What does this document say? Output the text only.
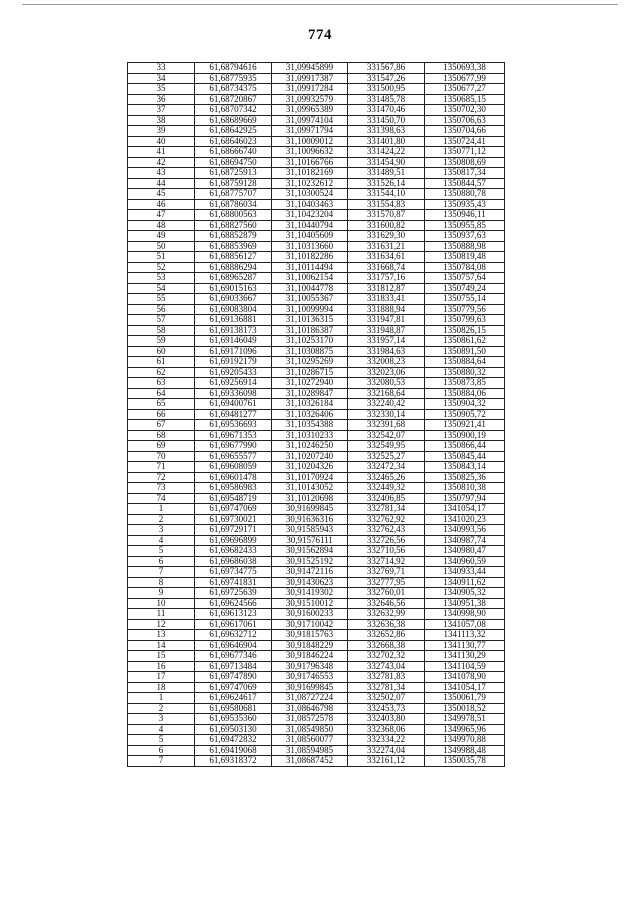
774
33	61,68794616	31,09945899	331567,86	1350693,38
34	61,68775935	31,09917387	331547,26	1350677,99
35	61,68734375	31,09917284	331500,95	1350677,27
36	61,68720867	31,09932579	331485,78	1350685,15
37	61,68707342	31,09965389	331470,46	1350702,30
38	61,68689669	31,09974104	331450,70	1350706,63
39	61,68642925	31,09971794	331398,63	1350704,66
40	61,68646023	31,10009012	331401,80	1350724,41
41	61,68666740	31,10096632	331424,22	1350771,12
42	61,68694750	31,10166766	331454,90	1350808,69
43	61,68725913	31,10182169	331489,51	1350817,34
44	61,68759128	31,10232612	331526,14	1350844,57
45	61,68775707	31,10300524	331544,10	1350880,78
46	61,68786034	31,10403463	331554,83	1350935,43
47	61,68800563	31,10423204	331570,87	1350946,11
48	61,68827560	31,10440794	331600,82	1350955,85
49	61,68852879	31,10405609	331629,30	1350937,63
50	61,68853969	31,10313660	331631,21	1350888,98
51	61,68856127	31,10182286	331634,61	1350819,48
52	61,68886294	31,10114494	331668,74	1350784,08
53	61,68965287	31,10062154	331757,16	1350757,64
54	61,69015163	31,10044778	331812,87	1350749,24
55	61,69033667	31,10055367	331833,41	1350755,14
56	61,69083804	31,10099994	331888,94	1350779,56
57	61,69136881	31,10136315	331947,81	1350799,63
58	61,69138173	31,10186387	331948,87	1350826,15
59	61,69146049	31,10253170	331957,14	1350861,62
60	61,69171096	31,10308875	331984,63	1350891,50
61	61,69192179	31,10295269	332008,23	1350884,64
62	61,69205433	31,10286715	332023,06	1350880,32
63	61,69256914	31,10272940	332080,53	1350873,85
64	61,69336098	31,10289847	332168,64	1350884,06
65	61,69400761	31,10326184	332240,42	1350904,32
66	61,69481277	31,10326406	332330,14	1350905,72
67	61,69536693	31,10354388	332391,68	1350921,41
68	61,69671353	31,10310233	332542,07	1350900,19
69	61,69677990	31,10246250	332549,95	1350866,44
70	61,69655577	31,10207240	332525,27	1350845,44
71	61,69608059	31,10204326	332472,34	1350843,14
72	61,69601478	31,10170924	332465,26	1350825,36
73	61,69586983	31,10143052	332449,32	1350810,38
74	61,69548719	31,10120698	332406,85	1350797,94
1	61,69747069	30,91699845	332781,34	1341054,17
2	61,69730021	30,91636316	332762,92	1341020,23
3	61,69729171	30,91585943	332762,43	1340993,56
4	61,69696899	30,91576111	332726,56	1340987,74
5	61,69682433	30,91562894	332710,56	1340980,47
6	61,69686038	30,91525192	332714,92	1340960,59
7	61,69734775	30,91472116	332769,71	1340933,44
8	61,69741831	30,91430623	332777,95	1340911,62
9	61,69725639	30,91419302	332760,01	1340905,32
10	61,69624566	30,91510012	332646,56	1340951,38
11	61,69613123	30,91600233	332632,99	1340998,90
12	61,69617061	30,91710042	332636,38	1341057,08
13	61,69632712	30,91815763	332652,86	1341113,32
14	61,69646904	30,91848229	332668,38	1341130,77
15	61,69677346	30,91846224	332702,32	1341130,29
16	61,69713484	30,91796348	332743,04	1341104,59
17	61,69747890	30,91746553	332781,83	1341078,90
18	61,69747069	30,91699845	332781,34	1341054,17
1	61,69624617	31,08727224	332502,07	1350061,79
2	61,69580681	31,08646798	332453,73	1350018,52
3	61,69535360	31,08572578	332403,80	1349978,51
4	61,69503130	31,08549850	332368,06	1349965,96
5	61,69472832	31,08560077	332334,22	1349970,88
6	61,69419068	31,08594985	332274,04	1349988,48
7	61,69318372	31,08687452	332161,12	1350035,78
